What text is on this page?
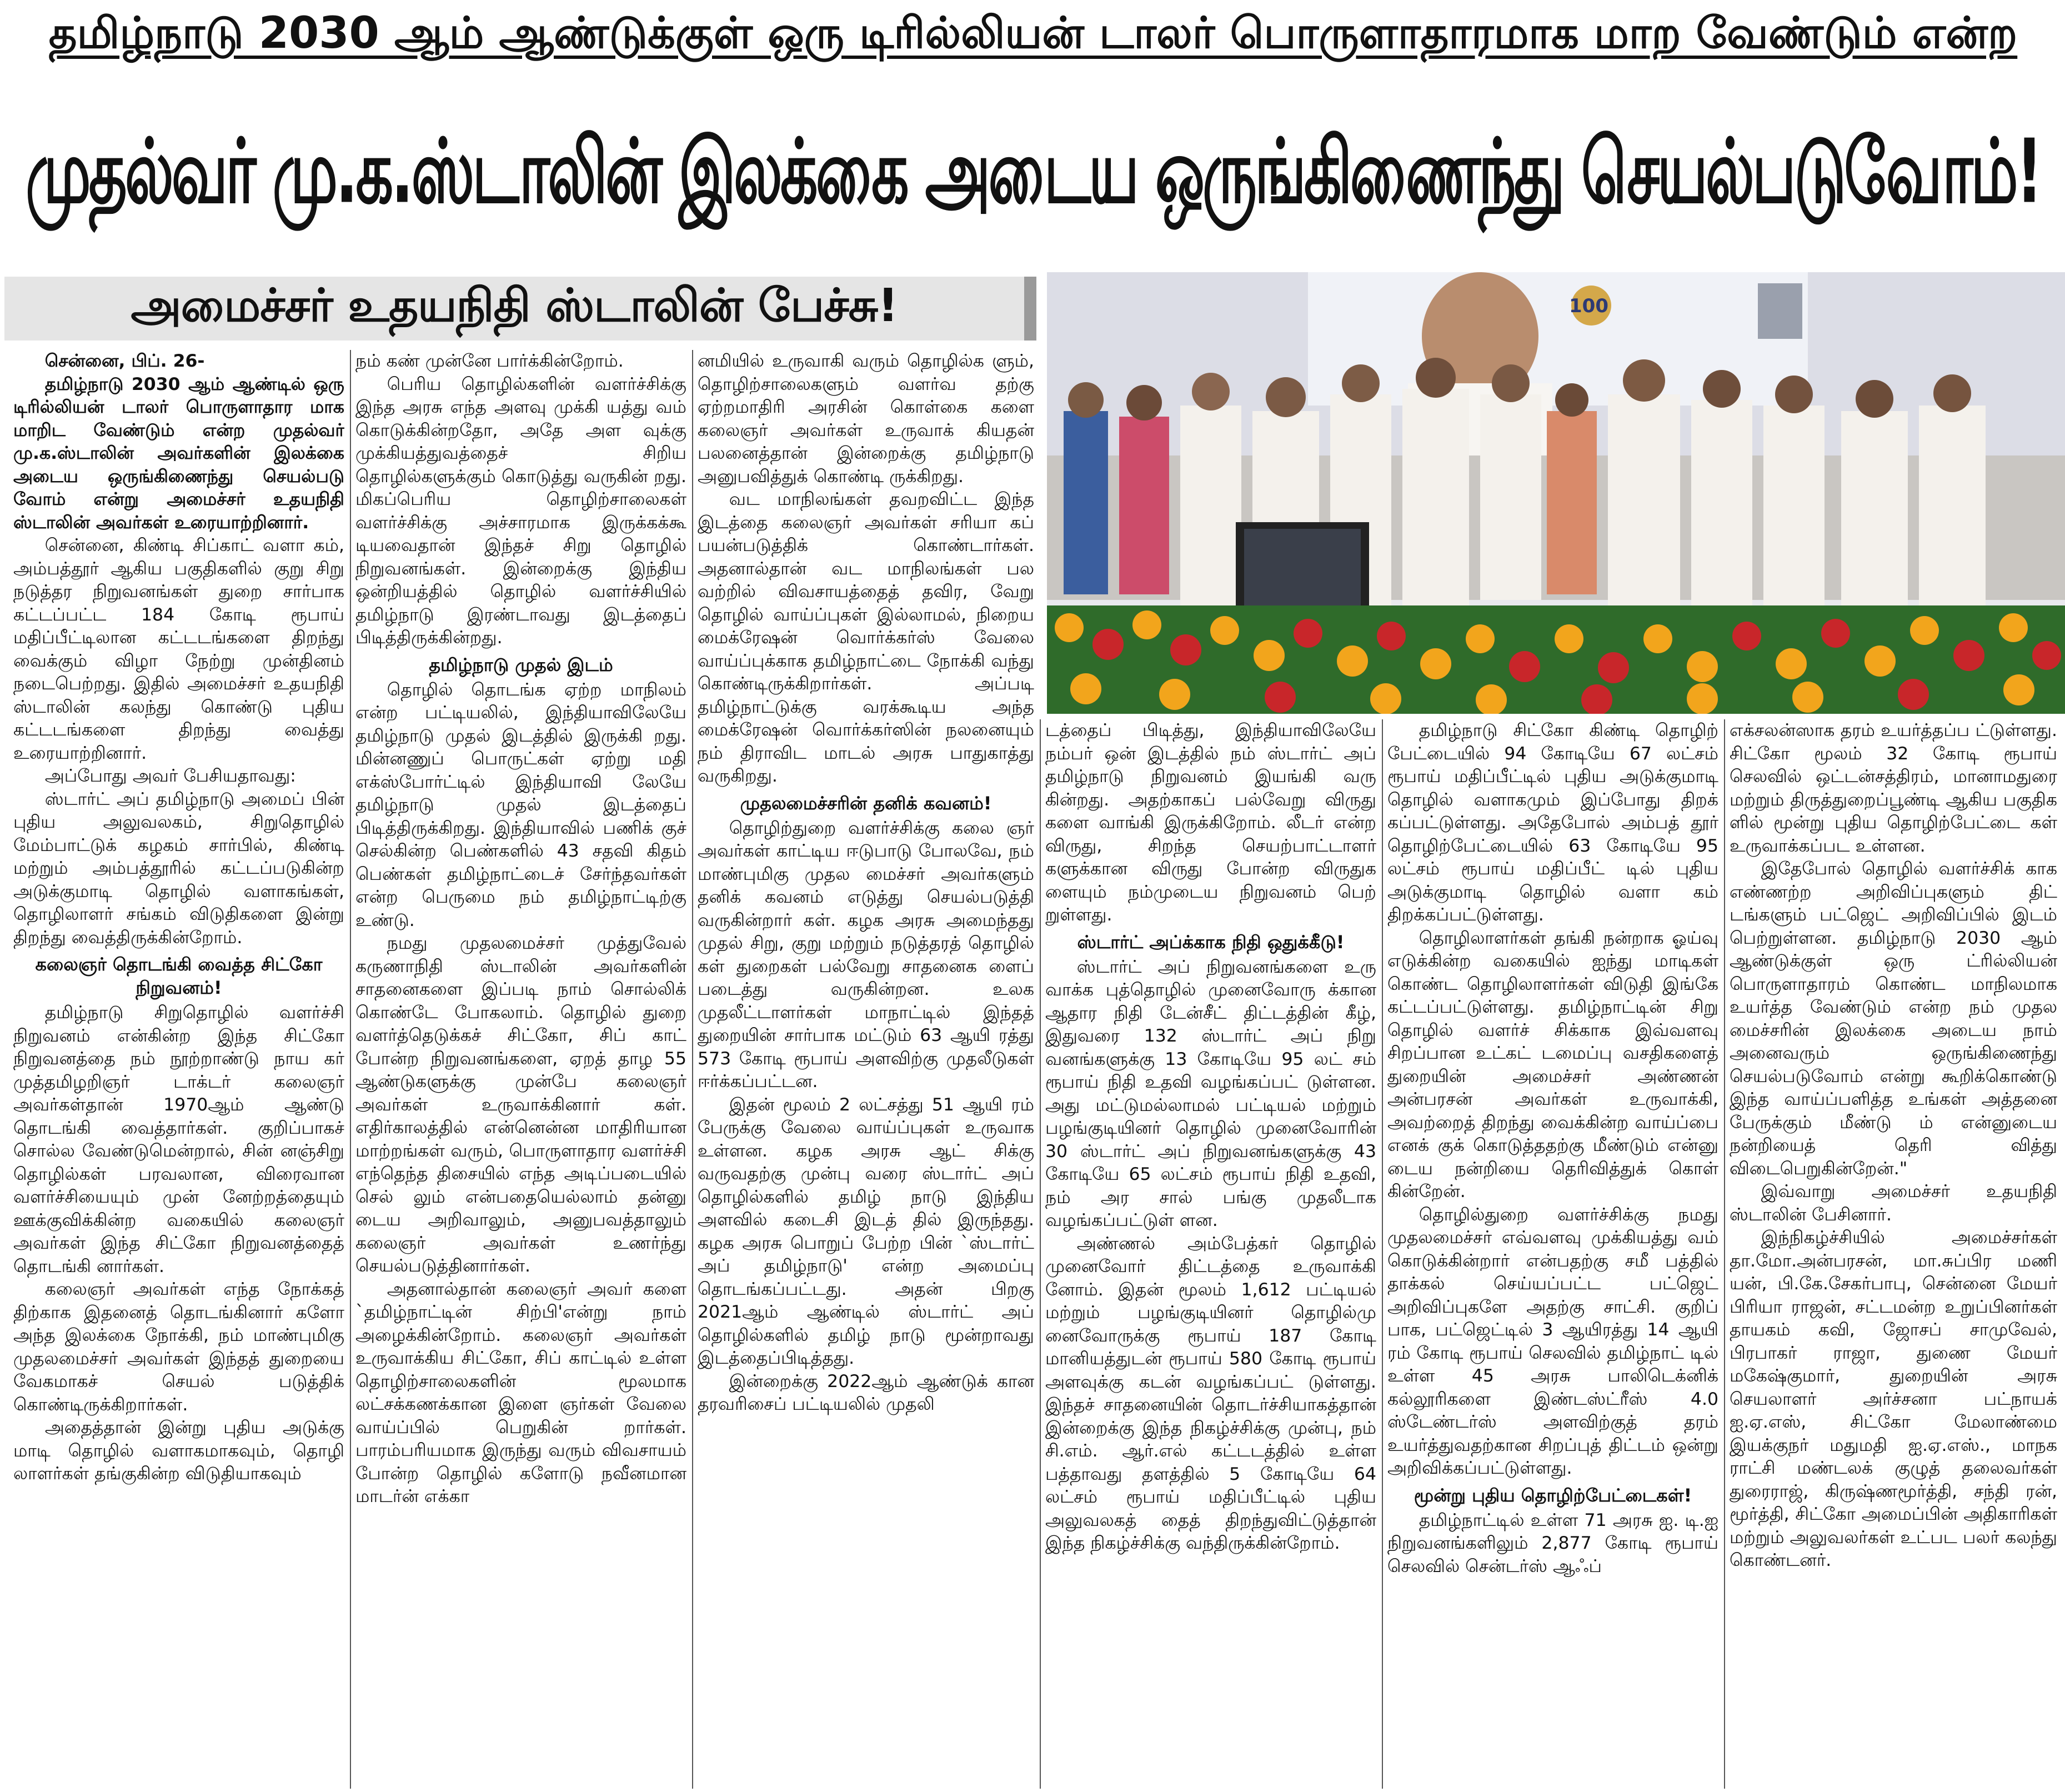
தமிழ்நாடு 2030 ஆம் ஆண்டுக்குள் ஒரு டிரில்லியன் டாலர் பொருளாதாரமாக மாற வேண்டும் என்ற
முதல்வர் மு.க.ஸ்டாலின் இலக்கை அடைய ஒருங்கிணைந்து செயல்படுவோம்!
அமைச்சர் உதயநிதி ஸ்டாலின் பேச்சு!	100

சென்னை, பிப். 26-

தமிழ்நாடு 2030 ஆம் ஆண்டில் ஒரு டிரில்லியன் டாலர் பொருளாதார மாக மாறிட வேண்டும் என்ற முதல்வர் மு.க.ஸ்டாலின் அவர்களின் இலக்கை அடைய ஒருங்கிணைந்து செயல்படு வோம் என்று அமைச்சர் உதயநிதி ஸ்டாலின் அவர்கள் உரையாற்றினார்.

சென்னை, கிண்டி சிப்காட் வளா கம், அம்பத்தூர் ஆகிய பகுதிகளில் குறு சிறு நடுத்தர நிறுவனங்கள் துறை சார்பாக கட்டப்பட்ட 184 கோடி ரூபாய் மதிப்பீட்டிலான கட்டடங்களை திறந்து வைக்கும் விழா நேற்று முன்தினம் நடைபெற்றது. இதில் அமைச்சர் உதயநிதி ஸ்டாலின் கலந்து கொண்டு புதிய கட்டடங்களை திறந்து வைத்து உரையாற்றினார்.

அப்போது அவர் பேசியதாவது:

ஸ்டார்ட் அப் தமிழ்நாடு அமைப் பின் புதிய அலுவலகம், சிறுதொழில் மேம்பாட்டுக் கழகம் சார்பில், கிண்டி மற்றும் அம்பத்தூரில் கட்டப்படுகின்ற அடுக்குமாடி தொழில் வளாகங்கள், தொழிலாளர் சங்கம் விடுதிகளை இன்று திறந்து வைத்திருக்கின்றோம்.

கலைஞர் தொடங்கி வைத்த சிட்கோ நிறுவனம்!

தமிழ்நாடு சிறுதொழில் வளர்ச்சி நிறுவனம் என்கின்ற இந்த சிட்கோ நிறுவனத்தை நம் நூற்றாண்டு நாய கர் முத்தமிழறிஞர் டாக்டர் கலைஞர் அவர்கள்தான் 1970ஆம் ஆண்டு தொடங்கி வைத்தார்கள். குறிப்பாகச் சொல்ல வேண்டுமென்றால், சின் னஞ்சிறு தொழில்கள் பரவலான, விரைவான வளர்ச்சியையும் முன் னேற்றத்தையும் ஊக்குவிக்கின்ற வகையில் கலைஞர் அவர்கள் இந்த சிட்கோ நிறுவனத்தைத் தொடங்கி னார்கள்.

கலைஞர் அவர்கள் எந்த நோக்கத் திற்காக இதனைத் தொடங்கினார் களோ அந்த இலக்கை நோக்கி, நம் மாண்புமிகு முதலமைச்சர் அவர்கள் இந்தத் துறையை வேகமாகச் செயல் படுத்திக் கொண்டிருக்கிறார்கள்.

அதைத்தான் இன்று புதிய அடுக்கு மாடி தொழில் வளாகமாகவும், தொழி லாளர்கள் தங்குகின்ற விடுதியாகவும்

நம் கண் முன்னே பார்க்கின்றோம்.

பெரிய தொழில்களின் வளர்ச்சிக்கு இந்த அரசு எந்த அளவு முக்கி யத்து வம் கொடுக்கின்றதோ, அதே அள வுக்கு முக்கியத்துவத்தைச் சிறிய தொழில்களுக்கும் கொடுத்து வருகின் றது. மிகப்பெரிய தொழிற்சாலைகள் வளர்ச்சிக்கு அச்சாரமாக இருக்கக்கூ டியவைதான் இந்தச் சிறு தொழில் நிறுவனங்கள். இன்றைக்கு இந்திய ஒன்றியத்தில் தொழில் வளர்ச்சியில் தமிழ்நாடு இரண்டாவது இடத்தைப் பிடித்திருக்கின்றது.

தமிழ்நாடு முதல் இடம்

தொழில் தொடங்க ஏற்ற மாநிலம் என்ற பட்டியலில், இந்தியாவிலேயே தமிழ்நாடு முதல் இடத்தில் இருக்கி றது. மின்னணுப் பொருட்கள் ஏற்று மதி எக்ஸ்போர்ட்டில் இந்தியாவி லேயே தமிழ்நாடு முதல் இடத்தைப் பிடித்திருக்கிறது. இந்தியாவில் பணிக் குச் செல்கின்ற பெண்களில் 43 சதவி கிதம் பெண்கள் தமிழ்நாட்டைச் சேர்ந்தவர்கள் என்ற பெருமை நம் தமிழ்நாட்டிற்கு உண்டு.

நமது முதலமைச்சர் முத்துவேல் கருணாநிதி ஸ்டாலின் அவர்களின் சாதனைகளை இப்படி நாம் சொல்லிக் கொண்டே போகலாம். தொழில் துறை வளர்த்தெடுக்கச் சிட்கோ, சிப் காட் போன்ற நிறுவனங்களை, ஏறத் தாழ 55 ஆண்டுகளுக்கு முன்பே கலைஞர் அவர்கள் உருவாக்கினார் கள். எதிர்காலத்தில் என்னென்ன மாதிரியான மாற்றங்கள் வரும், பொருளாதார வளர்ச்சி எந்தெந்த திசையில் எந்த அடிப்படையில் செல் லும் என்பதையெல்லாம் தன்னு டைய அறிவாலும், அனுபவத்தாலும் கலைஞர் அவர்கள் உணர்ந்து செயல்படுத்தினார்கள்.

அதனால்தான் கலைஞர் அவர் களை `தமிழ்நாட்டின் சிற்பி'என்று நாம் அழைக்கின்றோம். கலைஞர் அவர்கள் உருவாக்கிய சிட்கோ, சிப் காட்டில் உள்ள தொழிற்சாலைகளின் மூலமாக லட்சக்கணக்கான இளை ஞர்கள் வேலை வாய்ப்பில் பெறுகின் றார்கள். பாரம்பரியமாக இருந்து வரும் விவசாயம் போன்ற தொழில் களோடு நவீனமான மாடர்ன் எக்கா

னமியில் உருவாகி வரும் தொழில்க ளும், தொழிற்சாலைகளும் வளர்வ தற்கு ஏற்றமாதிரி அரசின் கொள்கை களை கலைஞர் அவர்கள் உருவாக் கியதன் பலனைத்தான் இன்றைக்கு தமிழ்நாடு அனுபவித்துக் கொண்டி ருக்கிறது.

வட மாநிலங்கள் தவறவிட்ட இந்த இடத்தை கலைஞர் அவர்கள் சரியா கப் பயன்படுத்திக் கொண்டார்கள். அதனால்தான் வட மாநிலங்கள் பல வற்றில் விவசாயத்தைத் தவிர, வேறு தொழில் வாய்ப்புகள் இல்லாமல், நிறைய மைக்ரேஷன் வொர்க்கர்ஸ் வேலை வாய்ப்புக்காக தமிழ்நாட்டை நோக்கி வந்து கொண்டிருக்கிறார்கள். அப்படி தமிழ்நாட்டுக்கு வரக்கூடிய அந்த மைக்ரேஷன் வொர்க்கர்ஸின் நலனையும் நம் திராவிட மாடல் அரசு பாதுகாத்து வருகிறது.

முதலமைச்சரின் தனிக் கவனம்!

தொழிற்துறை வளர்ச்சிக்கு கலை ஞர் அவர்கள் காட்டிய ஈடுபாடு போலவே, நம் மாண்புமிகு முதல மைச்சர் அவர்களும் தனிக் கவனம் எடுத்து செயல்படுத்தி வருகின்றார் கள். கழக அரசு அமைந்தது முதல் சிறு, குறு மற்றும் நடுத்தரத் தொழில் கள் துறைகள் பல்வேறு சாதனைக ளைப் படைத்து வருகின்றன. உலக முதலீட்டாளர்கள் மாநாட்டில் இந்தத் துறையின் சார்பாக மட்டும் 63 ஆயி ரத்து 573 கோடி ரூபாய் அளவிற்கு முதலீடுகள் ஈர்க்கப்பட்டன.

இதன் மூலம் 2 லட்சத்து 51 ஆயி ரம் பேருக்கு வேலை வாய்ப்புகள் உருவாக உள்ளன. கழக அரசு ஆட் சிக்கு வருவதற்கு முன்பு வரை ஸ்டார்ட் அப் தொழில்களில் தமிழ் நாடு இந்திய அளவில் கடைசி இடத் தில் இருந்தது. கழக அரசு பொறுப் பேற்ற பின் `ஸ்டார்ட் அப் தமிழ்நாடு' என்ற அமைப்பு தொடங்கப்பட்டது. அதன் பிறகு 2021ஆம் ஆண்டில் ஸ்டார்ட் அப் தொழில்களில் தமிழ் நாடு மூன்றாவது இடத்தைப்பிடித்தது.

இன்றைக்கு 2022ஆம் ஆண்டுக் கான தரவரிசைப் பட்டியலில் முதலி

டத்தைப் பிடித்து, இந்தியாவிலேயே நம்பர் ஒன் இடத்தில் நம் ஸ்டார்ட் அப் தமிழ்நாடு நிறுவனம் இயங்கி வரு கின்றது. அதற்காகப் பல்வேறு விருது களை வாங்கி இருக்கிறோம். லீடர் என்ற விருது, சிறந்த செயற்பாட்டாளர் களுக்கான விருது போன்ற விருதுக ளையும் நம்முடைய நிறுவனம் பெற் றுள்ளது.

ஸ்டார்ட் அப்க்காக நிதி ஒதுக்கீடு!

ஸ்டார்ட் அப் நிறுவனங்களை உரு வாக்க புத்தொழில் முனைவோரு க்கான ஆதார நிதி டேன்சீட் திட்டத்தின் கீழ், இதுவரை 132 ஸ்டார்ட் அப் நிறு வனங்களுக்கு 13 கோடியே 95 லட் சம் ரூபாய் நிதி உதவி வழங்கப்பட் டுள்ளன. அது மட்டுமல்லாமல் பட்டியல் மற்றும் பழங்குடியினர் தொழில் முனைவோரின் 30 ஸ்டார்ட் அப் நிறுவனங்களுக்கு 43 கோடியே 65 லட்சம் ரூபாய் நிதி உதவி, நம் அர சால் பங்கு முதலீடாக வழங்கப்பட்டுள் ளன.

அண்ணல் அம்பேத்கர் தொழில் முனைவோர் திட்டத்தை உருவாக்கி னோம். இதன் மூலம் 1,612 பட்டியல் மற்றும் பழங்குடியினர் தொழில்மு னைவோருக்கு ரூபாய் 187 கோடி மானியத்துடன் ரூபாய் 580 கோடி ரூபாய் அளவுக்கு கடன் வழங்கப்பட் டுள்ளது. இந்தச் சாதனையின் தொடர்ச்சியாகத்தான் இன்றைக்கு இந்த நிகழ்ச்சிக்கு முன்பு, நம் சி.எம். ஆர்.எல் கட்டடத்தில் உள்ள பத்தாவது தளத்தில் 5 கோடியே 64 லட்சம் ரூபாய் மதிப்பீட்டில் புதிய அலுவலகத் தைத் திறந்துவிட்டுத்தான் இந்த நிகழ்ச்சிக்கு வந்திருக்கின்றோம்.

தமிழ்நாடு சிட்கோ கிண்டி தொழிற் பேட்டையில் 94 கோடியே 67 லட்சம் ரூபாய் மதிப்பீட்டில் புதிய அடுக்குமாடி தொழில் வளாகமும் இப்போது திறக் கப்பட்டுள்ளது. அதேபோல் அம்பத் தூர் தொழிற்பேட்டையில் 63 கோடியே 95 லட்சம் ரூபாய் மதிப்பீட் டில் புதிய அடுக்குமாடி தொழில் வளா கம் திறக்கப்பட்டுள்ளது.

தொழிலாளர்கள் தங்கி நன்றாக ஓய்வு எடுக்கின்ற வகையில் ஐந்து மாடிகள் கொண்ட தொழிலாளர்கள் விடுதி இங்கே கட்டப்பட்டுள்ளது. தமிழ்நாட்டின் சிறு தொழில் வளர்ச் சிக்காக இவ்வளவு சிறப்பான உட்கட் டமைப்பு வசதிகளைத் துறையின் அமைச்சர் அண்ணன் அன்பரசன் அவர்கள் உருவாக்கி, அவற்றைத் திறந்து வைக்கின்ற வாய்ப்பை எனக் குக் கொடுத்ததற்கு மீண்டும் என்னு டைய நன்றியை தெரிவித்துக் கொள் கின்றேன்.

தொழில்துறை வளர்ச்சிக்கு நமது முதலமைச்சர் எவ்வளவு முக்கியத்து வம் கொடுக்கின்றார் என்பதற்கு சமீ பத்தில் தாக்கல் செய்யப்பட்ட பட்ஜெட் அறிவிப்புகளே அதற்கு சாட்சி. குறிப் பாக, பட்ஜெட்டில் 3 ஆயிரத்து 14 ஆயி ரம் கோடி ரூபாய் செலவில் தமிழ்நாட் டில் உள்ள 45 அரசு பாலிடெக்னிக் கல்லூரிகளை இண்டஸ்ட்ரீஸ் 4.0 ஸ்டேண்டர்ஸ் அளவிற்குத் தரம் உயர்த்துவதற்கான சிறப்புத் திட்டம் ஒன்று அறிவிக்கப்பட்டுள்ளது.

மூன்று புதிய தொழிற்பேட்டைகள்!

தமிழ்நாட்டில் உள்ள 71 அரசு ஐ. டி.ஐ நிறுவனங்களிலும் 2,877 கோடி ரூபாய் செலவில் சென்டர்ஸ் ஆஃப்

எக்சலன்ஸாக தரம் உயர்த்தப்ப ட்டுள்ளது. சிட்கோ மூலம் 32 கோடி ரூபாய் செலவில் ஒட்டன்சத்திரம், மானாமதுரை மற்றும் திருத்துறைப்பூண்டி ஆகிய பகுதிக ளில் மூன்று புதிய தொழிற்பேட்டை கள் உருவாக்கப்பட உள்ளன.

இதேபோல் தொழில் வளர்ச்சிக் காக எண்ணற்ற அறிவிப்புகளும் திட் டங்களும் பட்ஜெட் அறிவிப்பில் இடம் பெற்றுள்ளன. தமிழ்நாடு 2030 ஆம் ஆண்டுக்குள் ஒரு ட்ரில்லியன் பொருளாதாரம் கொண்ட மாநிலமாக உயர்த்த வேண்டும் என்ற நம் முதல மைச்சரின் இலக்கை அடைய நாம் அனைவரும் ஒருங்கிணைந்து செயல்படுவோம் என்று கூறிக்கொண்டு இந்த வாய்ப்பளித்த உங்கள் அத்தனை பேருக்கும் மீண்டு ம் என்னுடைய நன்றியைத் தெரி வித்து விடைபெறுகின்றேன்."

இவ்வாறு அமைச்சர் உதயநிதி ஸ்டாலின் பேசினார்.

இந்நிகழ்ச்சியில் அமைச்சர்கள் தா.மோ.அன்பரசன், மா.சுப்பிர மணி யன், பி.கே.சேகர்பாபு, சென்னை மேயர் பிரியா ராஜன், சட்டமன்ற உறுப்பினர்கள் தாயகம் கவி, ஜோசப் சாமுவேல், பிரபாகர் ராஜா, துணை மேயர் மகேஷ்குமார், துறையின் அரசு செயலாளர் அர்ச்சனா பட்நாயக் ஐ.ஏ.எஸ், சிட்கோ மேலாண்மை இயக்குநர் மதுமதி ஐ.ஏ.எஸ்., மாநக ராட்சி மண்டலக் குழுத் தலைவர்கள் துரைராஜ், கிருஷ்ணமூர்த்தி, சந்தி ரன், மூர்த்தி, சிட்கோ அமைப்பின் அதிகாரிகள் மற்றும் அலுவலர்கள் உட்பட பலர் கலந்து கொண்டனர்.
